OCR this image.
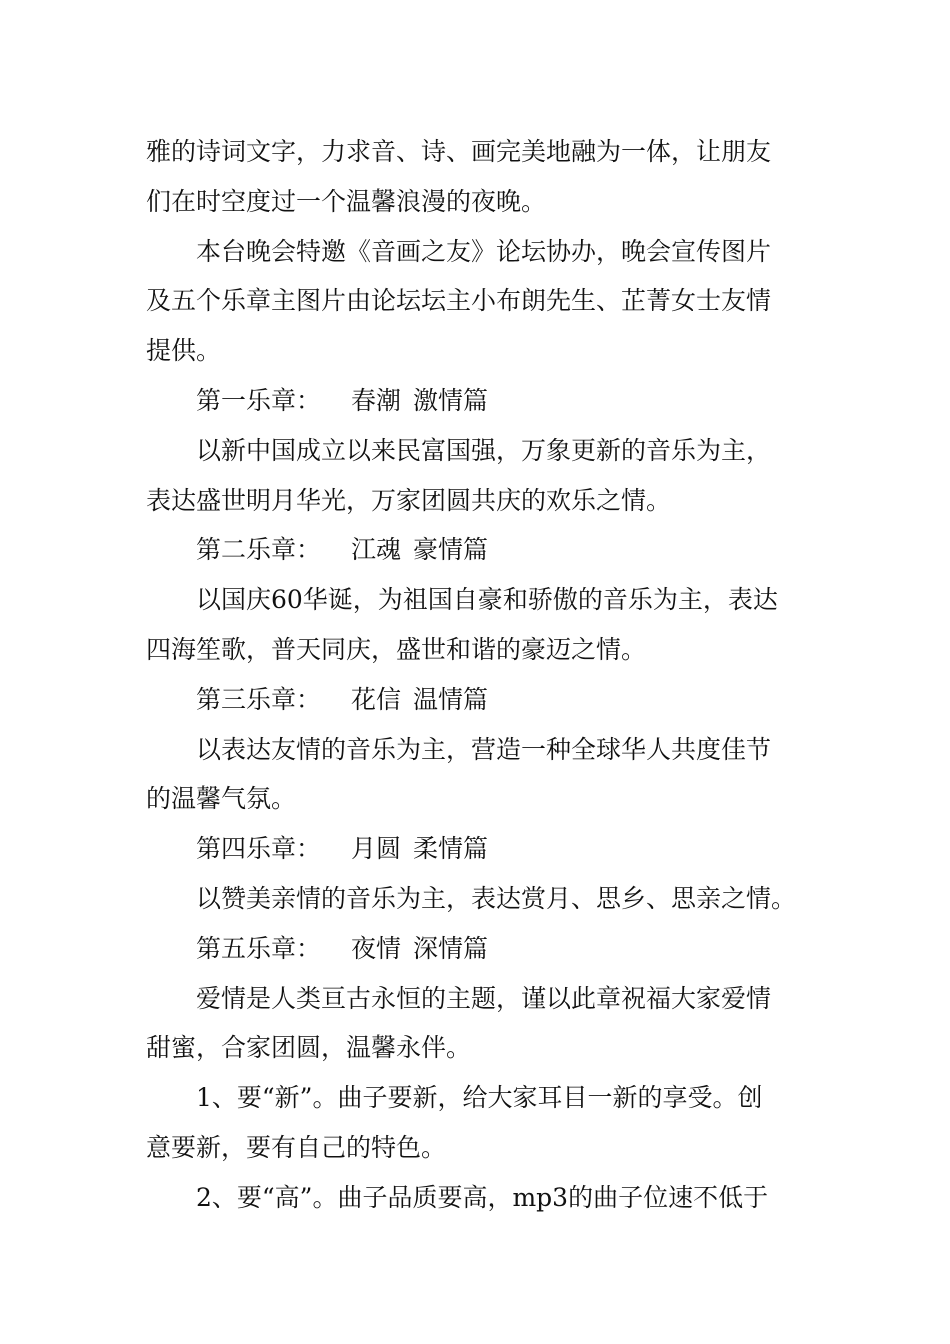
雅的诗词文字，力求音、诗、画完美地融为一体，让朋友
们在时空度过一个温馨浪漫的夜晚。
本台晚会特邀《音画之友》论坛协办，晚会宣传图片
及五个乐章主图片由论坛坛主小布朗先生、芷菁女士友情
提供。
第一乐章： 春潮 激情篇
以新中国成立以来民富国强，万象更新的音乐为主，
表达盛世明月华光，万家团圆共庆的欢乐之情。
第二乐章： 江魂 豪情篇
以国庆60华诞，为祖国自豪和骄傲的音乐为主，表达
四海笙歌，普天同庆，盛世和谐的豪迈之情。
第三乐章： 花信 温情篇
以表达友情的音乐为主，营造一种全球华人共度佳节
的温馨气氛。
第四乐章： 月圆 柔情篇
以赞美亲情的音乐为主，表达赏月、思乡、思亲之情。
第五乐章： 夜情 深情篇
爱情是人类亘古永恒的主题，谨以此章祝福大家爱情
甜蜜，合家团圆，温馨永伴。
1、要“新”。曲子要新，给大家耳目一新的享受。创
意要新，要有自己的特色。
2、要“高”。曲子品质要高，mp3的曲子位速不低于
